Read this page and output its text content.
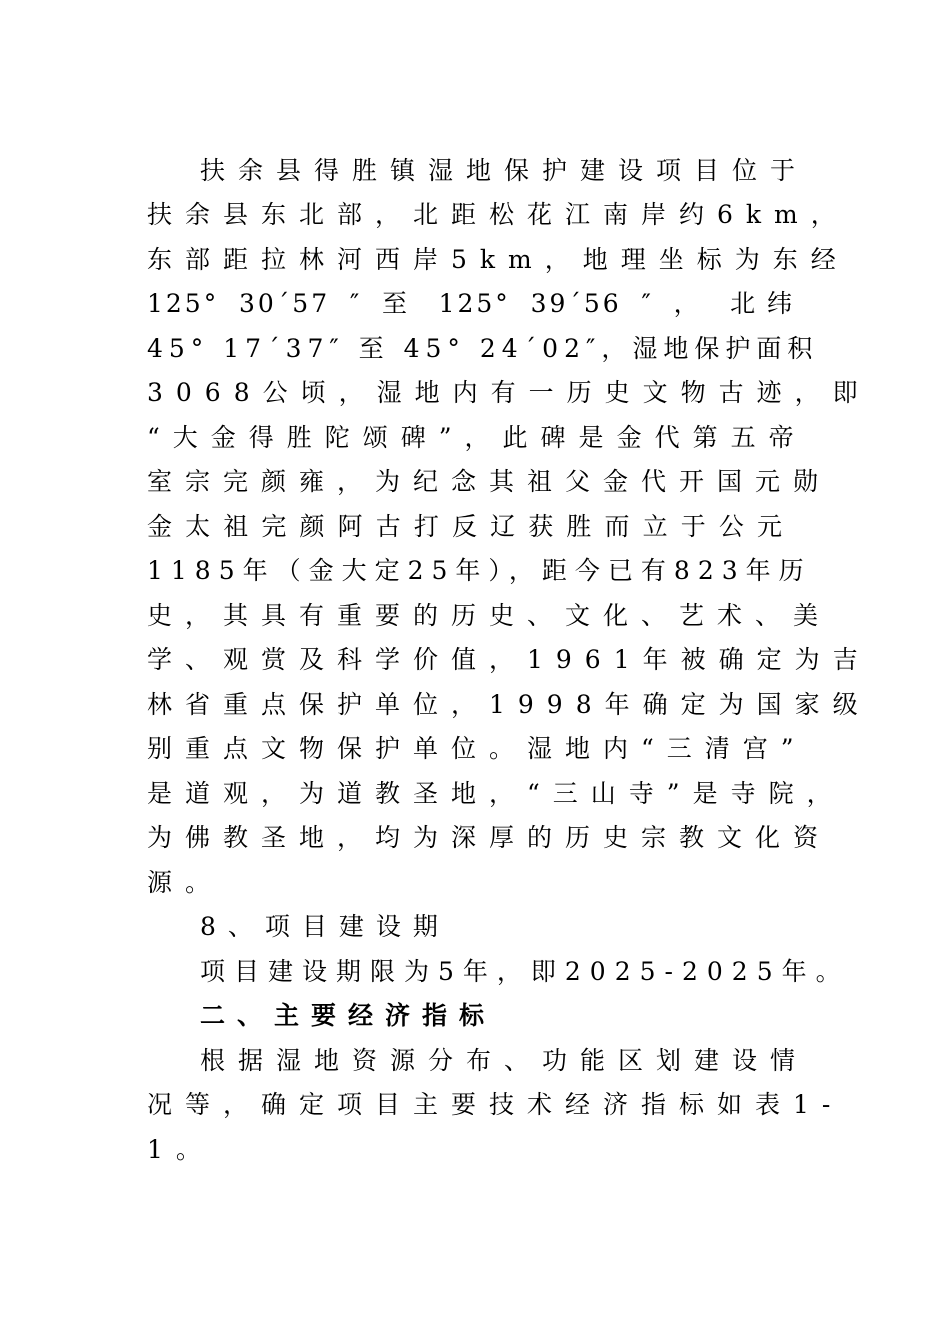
扶余县得胜镇湿地保护建设项目位于
扶余县东北部，北距松花江南岸约6km，
东部距拉林河西岸5km，地理坐标为东经
125° 30´57 ″ 至 125° 39´56 ″ ， 北纬
45° 17´37″ 至 45° 24´02″，湿地保护面积
3068公顷，湿地内有一历史文物古迹，即
“大金得胜陀颂碑”，此碑是金代第五帝
室宗完颜雍，为纪念其祖父金代开国元勋
金太祖完颜阿古打反辽获胜而立于公元
1185年（金大定25年），距今已有823年历
史，其具有重要的历史、文化、艺术、美
学、观赏及科学价值，1961年被确定为吉
林省重点保护单位，1998年确定为国家级
别重点文物保护单位。湿地内“三清宫”
是道观，为道教圣地，“三山寺”是寺院，
为佛教圣地，均为深厚的历史宗教文化资
源。
8、项目建设期
项目建设期限为5年，即2025-2025年。
二、主要经济指标
根据湿地资源分布、功能区划建设情
况等，确定项目主要技术经济指标如表1-
1。
